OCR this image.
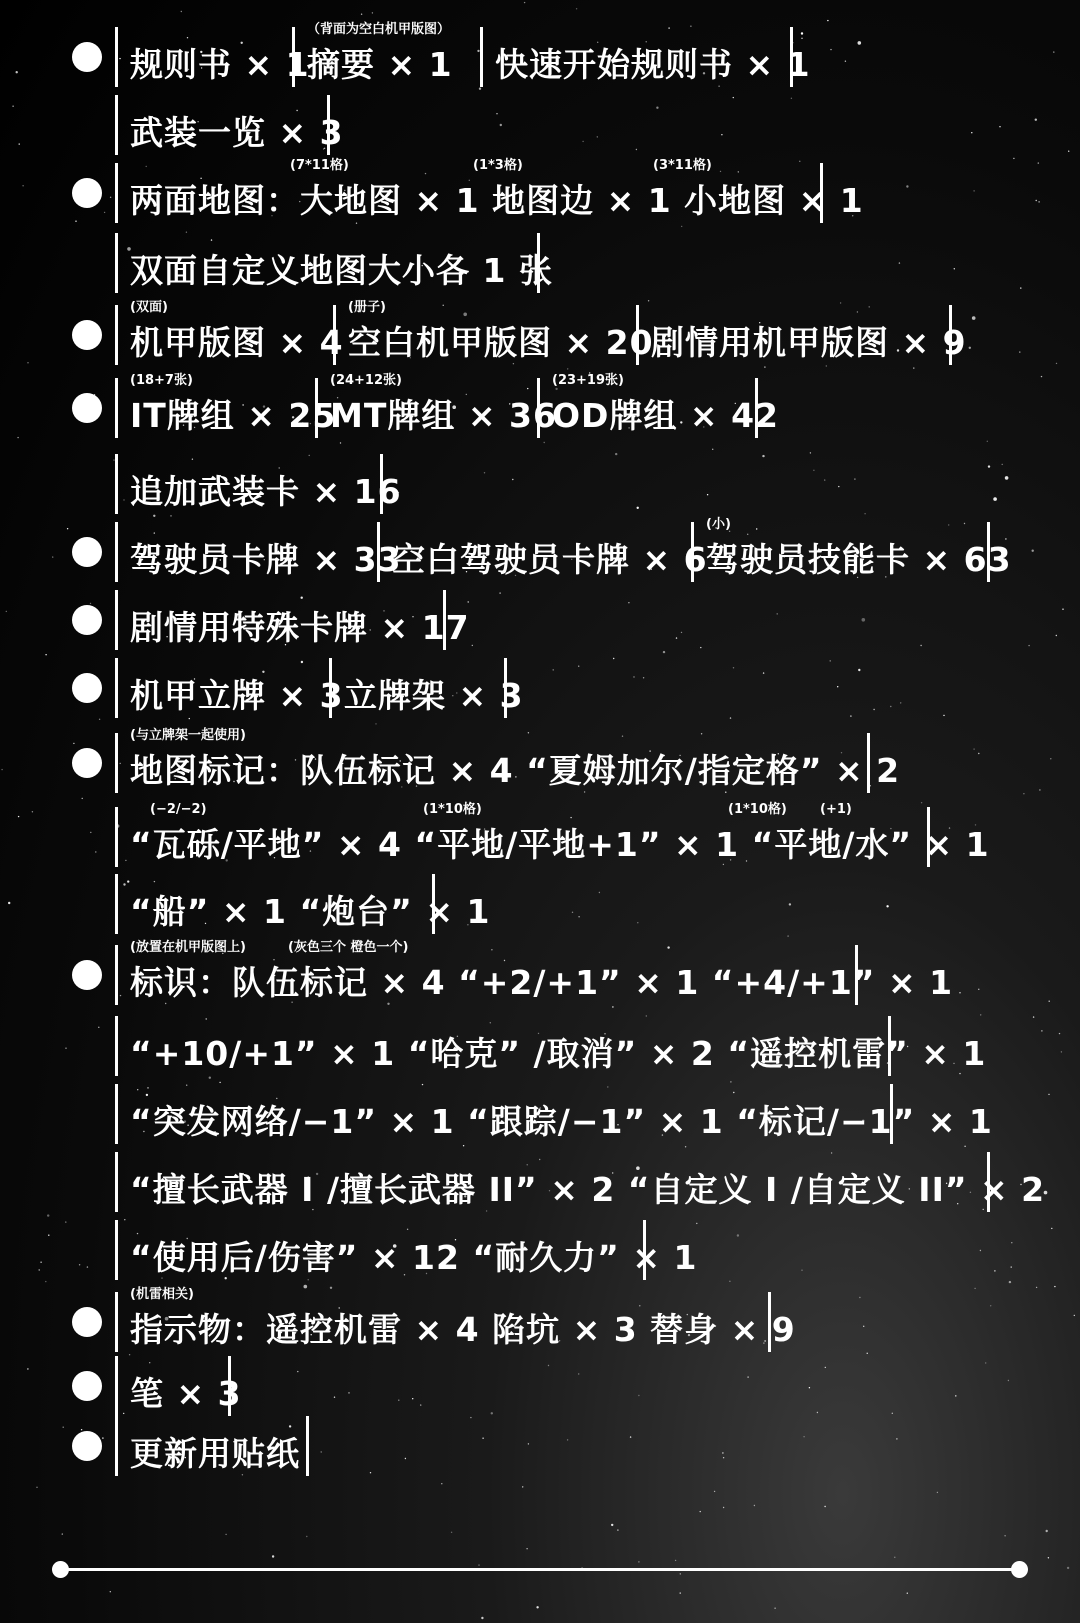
规则书 × 1
（背面为空白机甲版图）
摘要 × 1 快速开始规则书 × 1
武装一览 × 3
(7*11格)	(1*3格)	(3*11格)
两面地图：大地图 × 1 地图边 × 1 小地图 × 1
双面自定义地图大小各 1 张
(双面)
机甲版图 × 4
(册子)
空白机甲版图 × 20
剧情用机甲版图 × 9
(18+7张)
IT牌组 × 25
(24+12张)
MT牌组 × 36
(23+19张)
OD牌组 × 42
追加武装卡 × 16
驾驶员卡牌 × 33
空白驾驶员卡牌 × 6
(小)
驾驶员技能卡 × 63
剧情用特殊卡牌 × 17
机甲立牌 × 3 立牌架 × 3
(与立牌架一起使用)
地图标记：队伍标记 × 4 “夏姆加尔/指定格” × 2
(−2/−2)	(1*10格)	(1*10格)	(+1)
“瓦砾/平地” × 4 “平地/平地+1” × 1 “平地/水” × 1
“船” × 1 “炮台” × 1
(放置在机甲版图上)	(灰色三个 橙色一个)
标识：队伍标记 × 4 “+2/+1” × 1 “+4/+1” × 1
“+10/+1” × 1 “哈克” /取消” × 2 “遥控机雷” × 1
“突发网络/−1” × 1 “跟踪/−1” × 1 “标记/−1” × 1
“擅长武器 I /擅长武器 II” × 2 “自定义 I /自定义 II” × 2
“使用后/伤害” × 12 “耐久力” × 1
(机雷相关)
指示物：遥控机雷 × 4 陷坑 × 3 替身 × 9
笔 × 3
更新用贴纸
